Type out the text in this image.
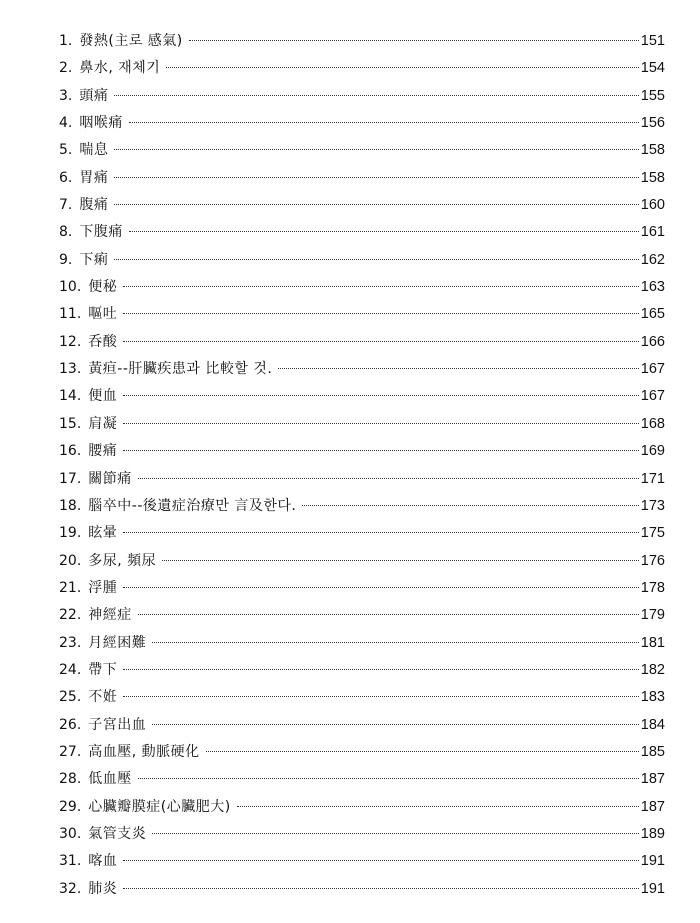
1. 發熱(主로 感氣)	151
2. 鼻水, 재체기	154
3. 頭痛	155
4. 咽喉痛	156
5. 喘息	158
6. 胃痛	158
7. 腹痛	160
8. 下腹痛	161
9. 下痢	162
10. 便秘	163
11. 嘔吐	165
12. 呑酸	166
13. 黃疸--肝臟疾患과 比較할 것.	167
14. 便血	167
15. 肩凝	168
16. 腰痛	169
17. 關節痛	171
18. 腦卒中--後遺症治療만 言及한다.	173
19. 眩暈	175
20. 多尿, 頻尿	176
21. 浮腫	178
22. 神經症	179
23. 月經困難	181
24. 帶下	182
25. 不姙	183
26. 子宮出血	184
27. 高血壓, 動脈硬化	185
28. 低血壓	187
29. 心臟瓣膜症(心臟肥大)	187
30. 氣管支炎	189
31. 喀血	191
32. 肺炎	191
